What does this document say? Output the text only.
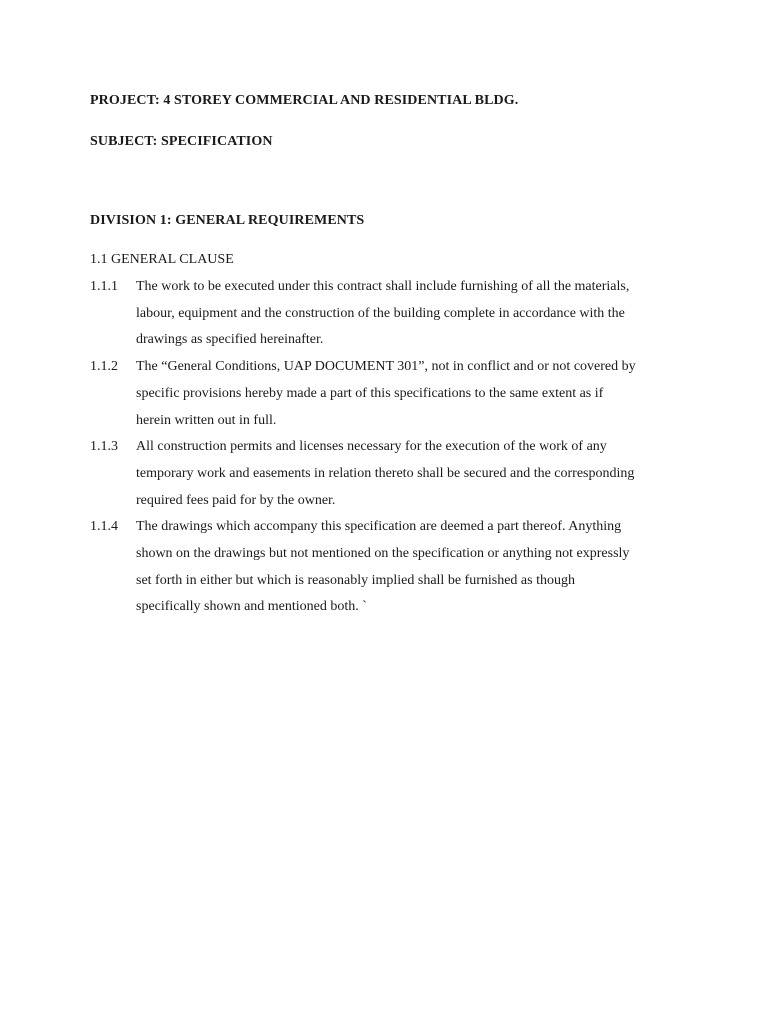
PROJECT: 4 STOREY COMMERCIAL AND RESIDENTIAL BLDG.
SUBJECT: SPECIFICATION
DIVISION 1: GENERAL REQUIREMENTS
1.1 GENERAL CLAUSE
1.1.1	The work to be executed under this contract shall include furnishing of all the materials,
labour, equipment and the construction of the building complete in accordance with the
drawings as specified hereinafter.
1.1.2	The “General Conditions, UAP DOCUMENT 301”, not in conflict and or not covered by
specific provisions hereby made a part of this specifications to the same extent as if
herein written out in full.
1.1.3	All construction permits and licenses necessary for the execution of the work of any
temporary work and easements in relation thereto shall be secured and the corresponding
required fees paid for by the owner.
1.1.4	The drawings which accompany this specification are deemed a part thereof. Anything
shown on the drawings but not mentioned on the specification or anything not expressly
set forth in either but which is reasonably implied shall be furnished as though
specifically shown and mentioned both. `
